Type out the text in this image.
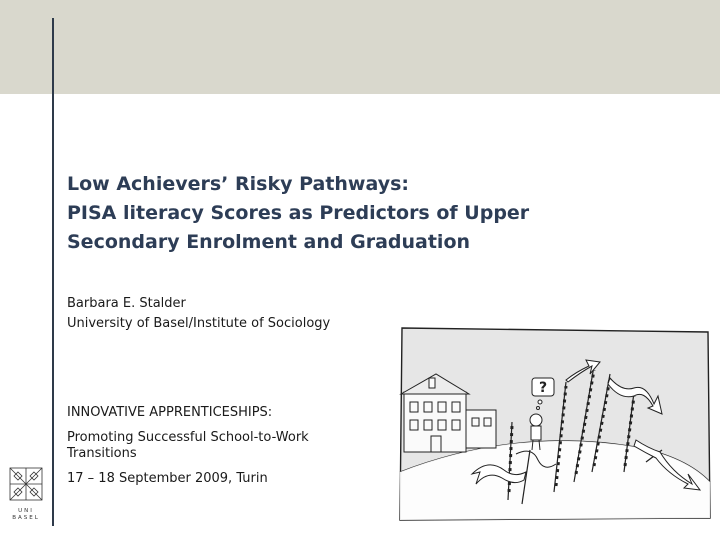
Low Achievers’ Risky Pathways:
PISA literacy Scores as Predictors of Upper
Secondary Enrolment and Graduation
Barbara E. Stalder
University of Basel/Institute of Sociology
INNOVATIVE APPRENTICESHIPS:
Promoting Successful School-to-Work Transitions
17 – 18 September 2009, Turin
UNI
BASEL
?
